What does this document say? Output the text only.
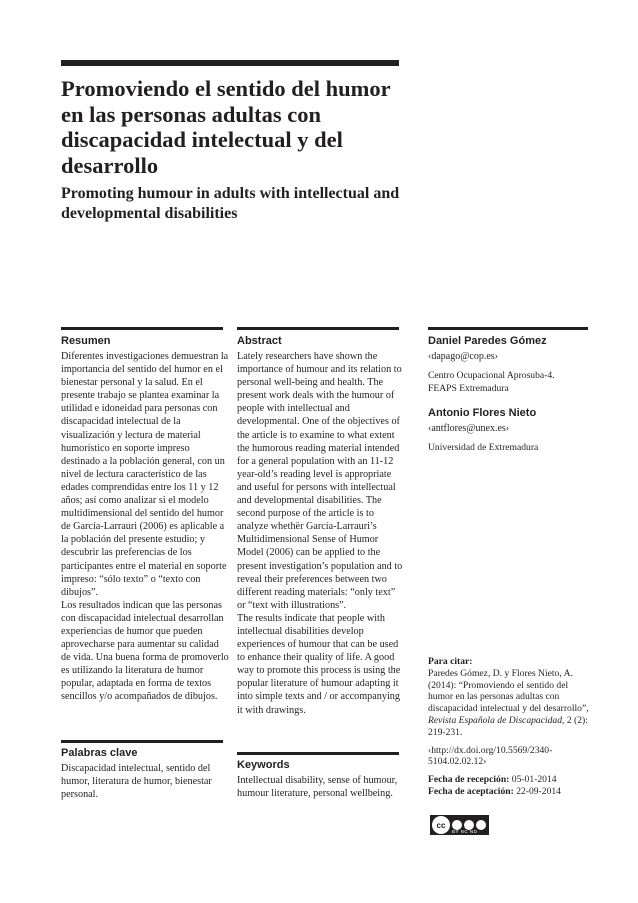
Promoviendo el sentido del humor en las personas adultas con discapacidad intelectual y del desarrollo
Promoting humour in adults with intellectual and developmental disabilities

Resumen

Diferentes investigaciones demuestran la importancia del sentido del humor en el bienestar personal y la salud. En el presente trabajo se plantea examinar la utilidad e idoneidad para personas con discapacidad intelectual de la visualización y lectura de material humorístico en soporte impreso destinado a la población general, con un nivel de lectura característico de las edades comprendidas entre los 11 y 12 años; así como analizar si el modelo multidimensional del sentido del humor de García-Larrauri (2006) es aplicable a la población del presente estudio; y descubrir las preferencias de los participantes entre el material en soporte impreso: “sólo texto” o “texto con dibujos”.
Los resultados indican que las personas con discapacidad intelectual desarrollan experiencias de humor que pueden aprovecharse para aumentar su calidad de vida. Una buena forma de promoverlo es utilizando la literatura de humor popular, adaptada en forma de textos sencillos y/o acompañados de dibujos.

Abstract

Lately researchers have shown the importance of humour and its relation to personal well-being and health. The present work deals with the humour of people with intellectual and developmental. One of the objectives of the article is to examine to what extent the humorous reading material intended for a general population with an 11-12 year-old’s reading level is appropriate and useful for persons with intellectual and developmental disabilities. The second purpose of the article is to analyze whethër García-Larrauri’s Multidimensional Sense of Humor Model (2006) can be applied to the present investigation’s population and to reveal their preferences between two different reading materials: “only text” or “text with illustrations”.
The results indicate that people with intellectual disabilities develop experiences of humour that can be used to enhance their quality of life. A good way to promote this process is using the popular literature of humour adapting it into simple texts and / or accompanying it with drawings.

Daniel Paredes Gómez

‹dapago@cop.es›

Centro Ocupacional Aprosuba-4.
FEAPS Extremadura

Antonio Flores Nieto

‹antflores@unex.es›

Universidad de Extremadura

Palabras clave

Discapacidad intelectual, sentido del humor, literatura de humor, bienestar personal.

Keywords

Intellectual disability, sense of humour, humour literature, personal wellbeing.

Para citar:

Paredes Gómez, D. y Flores Nieto, A. (2014): “Promoviendo el sentido del humor en las personas adultas con discapacidad intelectual y del desarrollo”, Revista Española de Discapacidad, 2 (2): 219-231.

‹http://dx.doi.org/10.5569/2340-
5104.02.02.12›

Fecha de recepción: 05-01-2014

Fecha de aceptación: 22-09-2014

cc
BY NC ND
